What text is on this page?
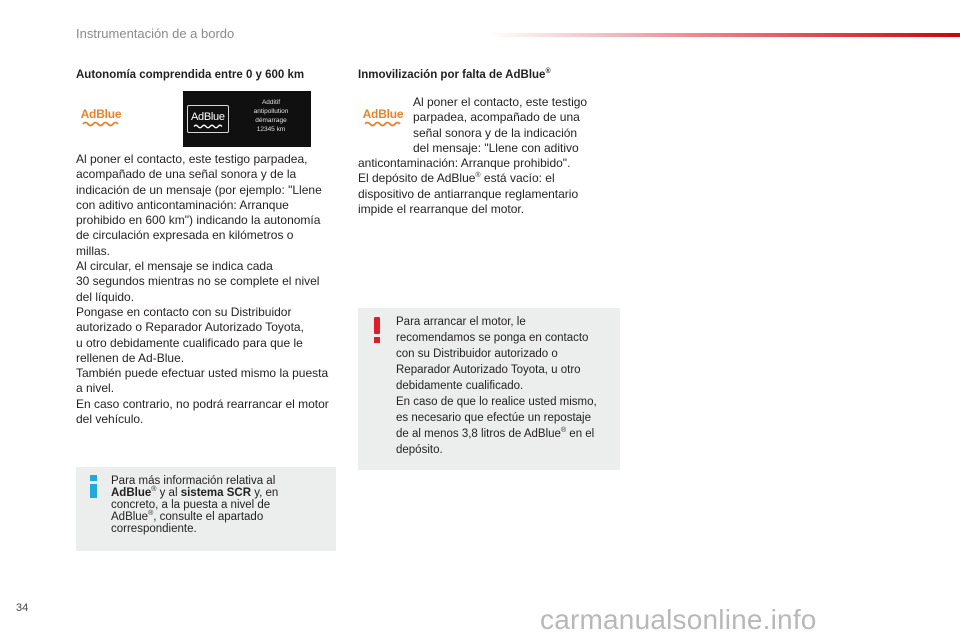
Instrumentación de a bordo
Autonomía comprendida entre 0 y 600 km
AdBlue	AdBlue
Additif
antipollution
démarrage
12345 km
Al poner el contacto, este testigo parpadea,
acompañado de una señal sonora y de la
indicación de un mensaje (por ejemplo: "Llene
con aditivo anticontaminación: Arranque
prohibido en 600 km") indicando la autonomía
de circulación expresada en kilómetros o
millas.
Al circular, el mensaje se indica cada
30 segundos mientras no se complete el nivel
del líquido.
Pongase en contacto con su Distribuidor
autorizado o Reparador Autorizado Toyota,
u otro debidamente cualificado para que le
rellenen de Ad-Blue.
También puede efectuar usted mismo la puesta
a nivel.
En caso contrario, no podrá rearrancar el motor
del vehículo.
Para más información relativa al
AdBlue® y al sistema SCR y, en
concreto, a la puesta a nivel de
AdBlue®, consulte el apartado
correspondiente.
Inmovilización por falta de AdBlue®
AdBlue
Al poner el contacto, este testigo
parpadea, acompañado de una
señal sonora y de la indicación
del mensaje: "Llene con aditivo
anticontaminación: Arranque prohibido".
El depósito de AdBlue® está vacío: el
dispositivo de antiarranque reglamentario
impide el rearranque del motor.
Para arrancar el motor, le
recomendamos se ponga en contacto
con su Distribuidor autorizado o
Reparador Autorizado Toyota, u otro
debidamente cualificado.
En caso de que lo realice usted mismo,
es necesario que efectúe un repostaje
de al menos 3,8 litros de AdBlue® en el
depósito.
34	carmanualsonline.info
